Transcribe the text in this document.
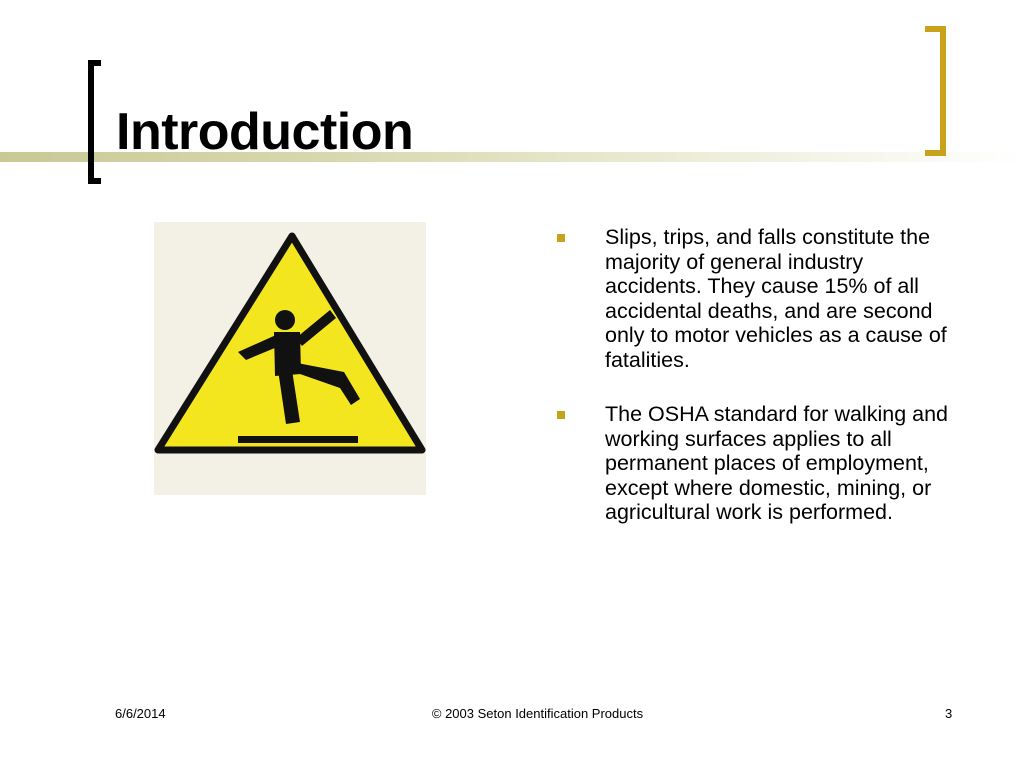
Introduction
Slips, trips, and falls constitute the majority of general industry accidents. They cause 15% of all accidental deaths, and are second only to motor vehicles as a cause of fatalities.
The OSHA standard for walking and working surfaces applies to all permanent places of employment, except where domestic, mining, or agricultural work is performed.
6/6/2014	© 2003 Seton Identification Products	3
